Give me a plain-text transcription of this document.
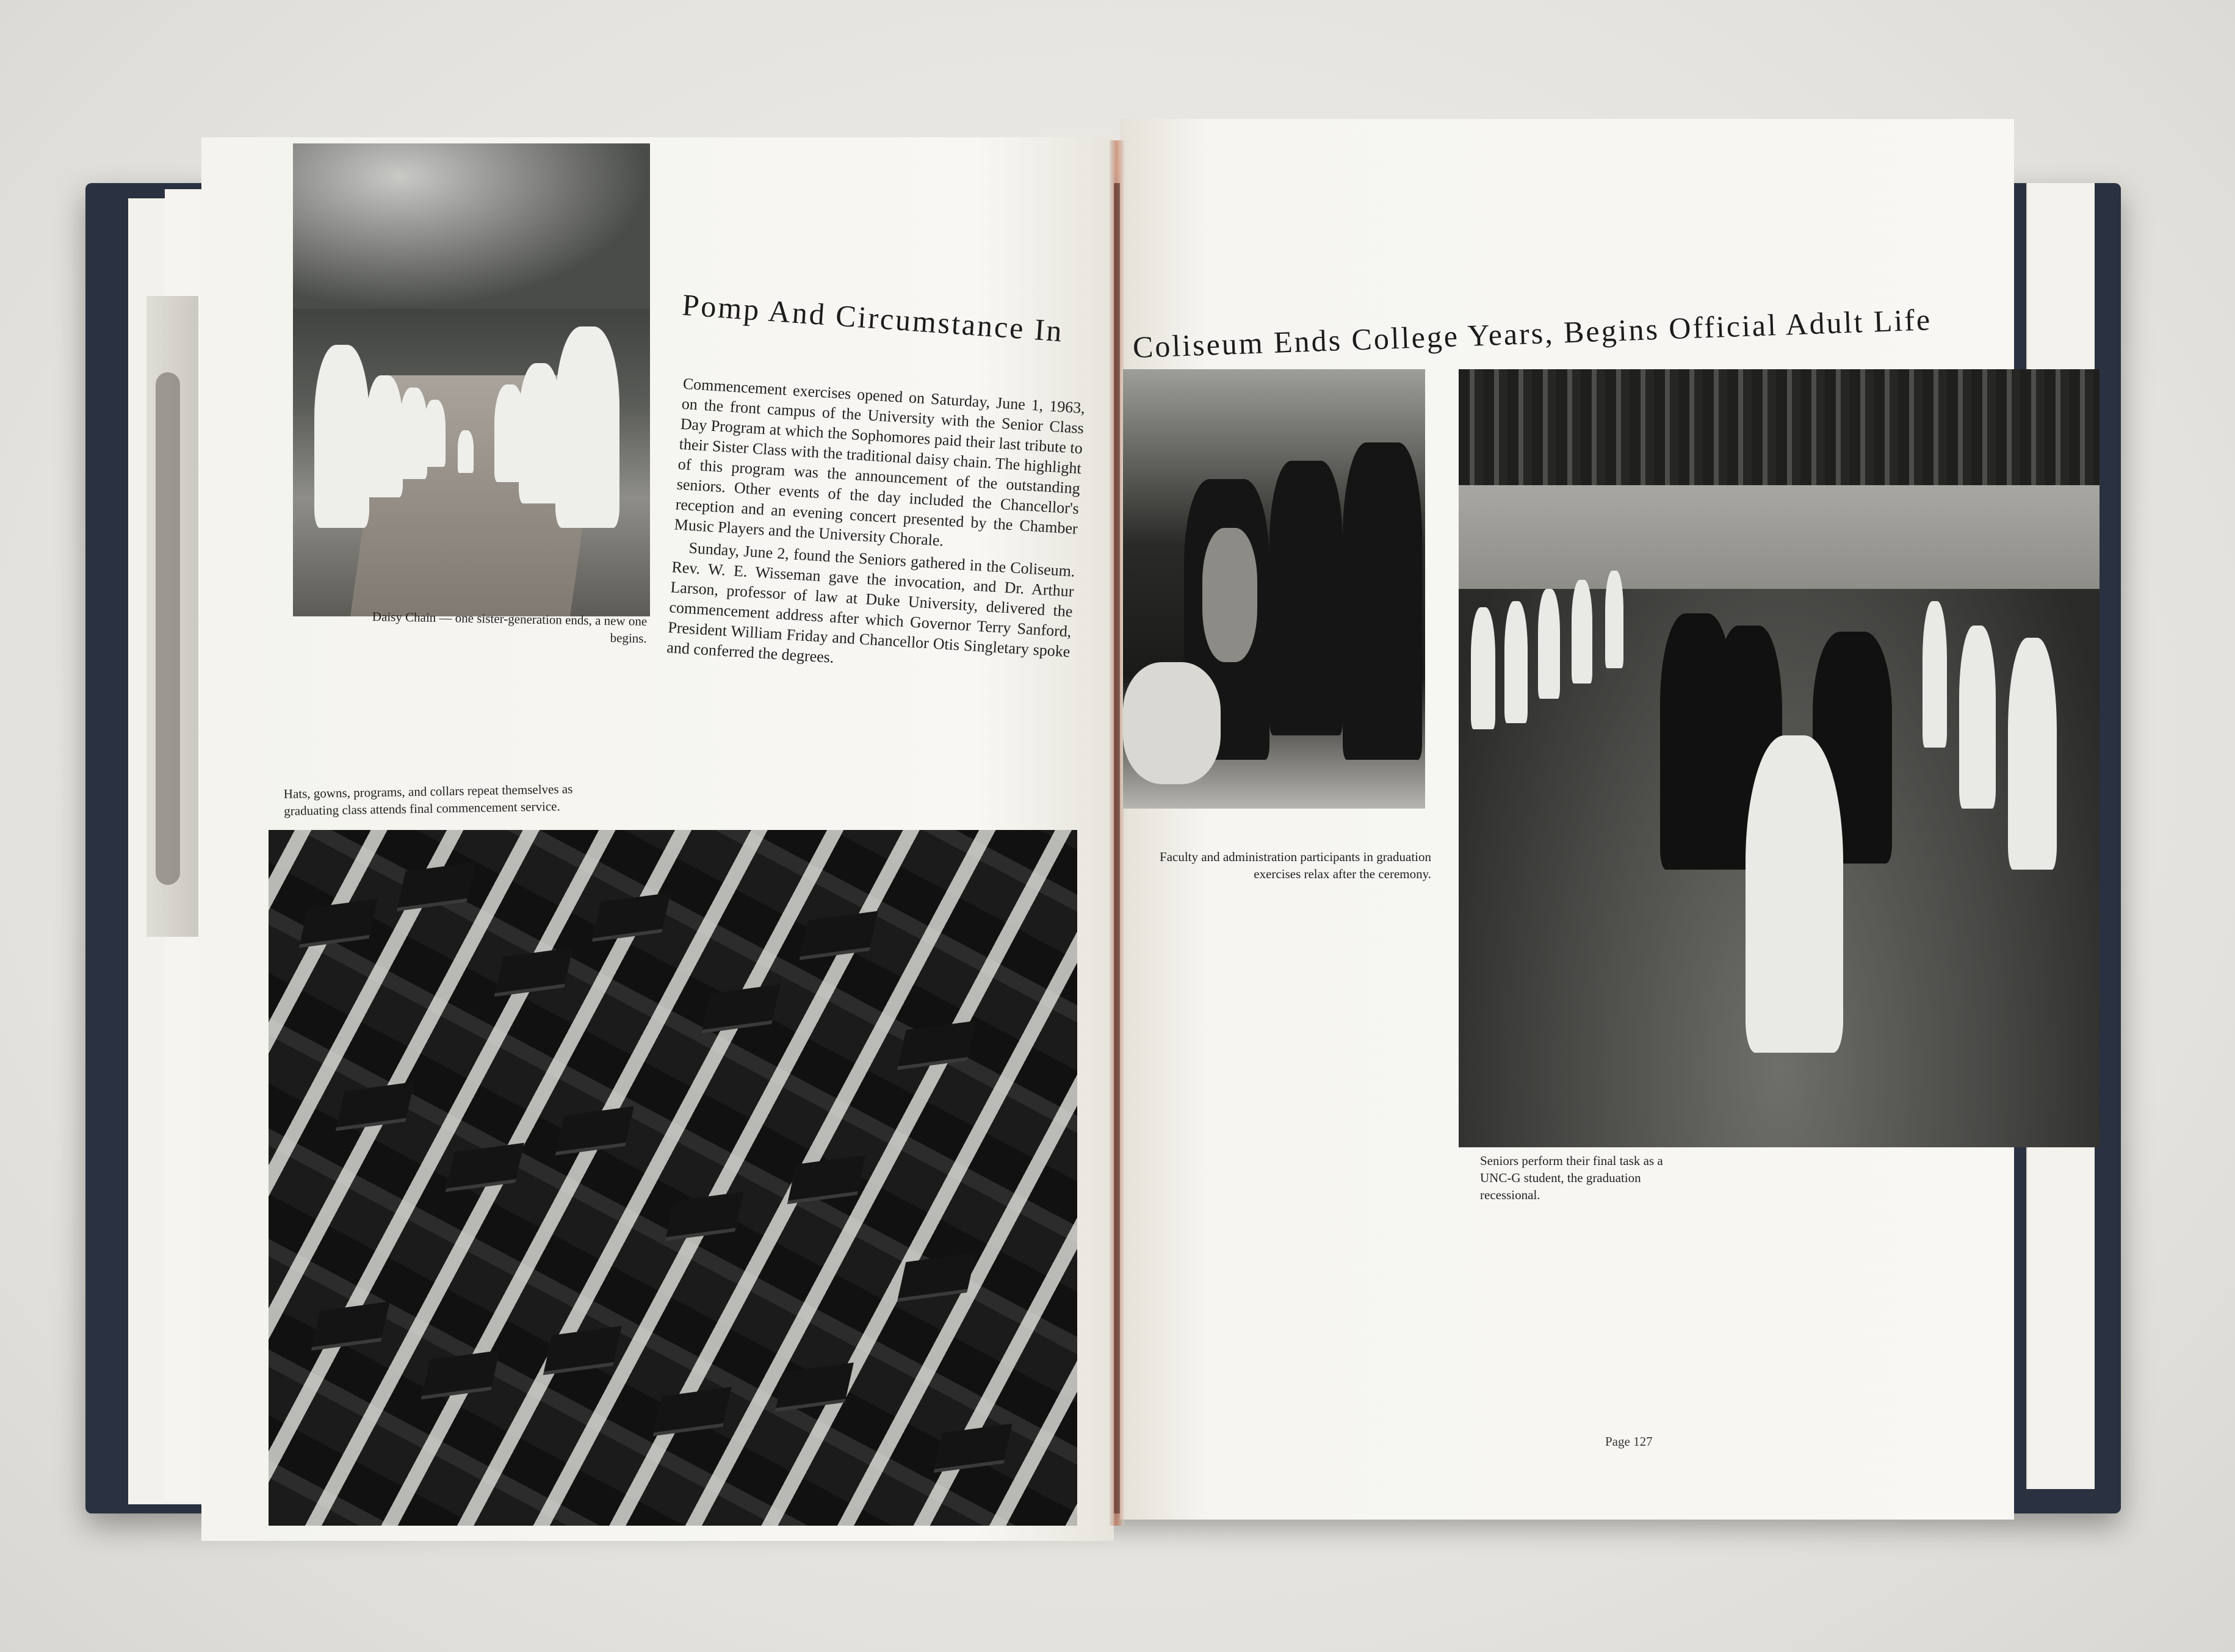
Pomp And Circumstance In

Commencement exercises opened on Saturday, June 1, 1963, on the front campus of the University with the Senior Class Day Program at which the Sophomores paid their last tribute to their Sister Class with the traditional daisy chain. The highlight of this program was the announcement of the outstanding seniors. Other events of the day included the Chancellor's reception and an evening concert presented by the Chamber Music Players and the University Chorale.

Sunday, June 2, found the Seniors gathered in the Coliseum. Rev. W. E. Wisseman gave the invocation, and Dr. Arthur Larson, professor of law at Duke University, delivered the commencement address after which Governor Terry Sanford, President William Friday and Chancellor Otis Singletary spoke and conferred the degrees.

Daisy Chain — one sister-generation ends, a new one begins.
Hats, gowns, programs, and collars repeat themselves as graduating class attends final commencement service.
Coliseum Ends College Years, Begins Official Adult Life
Faculty and administration participants in graduation exercises relax after the ceremony.
Seniors perform their final task as a UNC-G student, the graduation recessional.
Page 127
